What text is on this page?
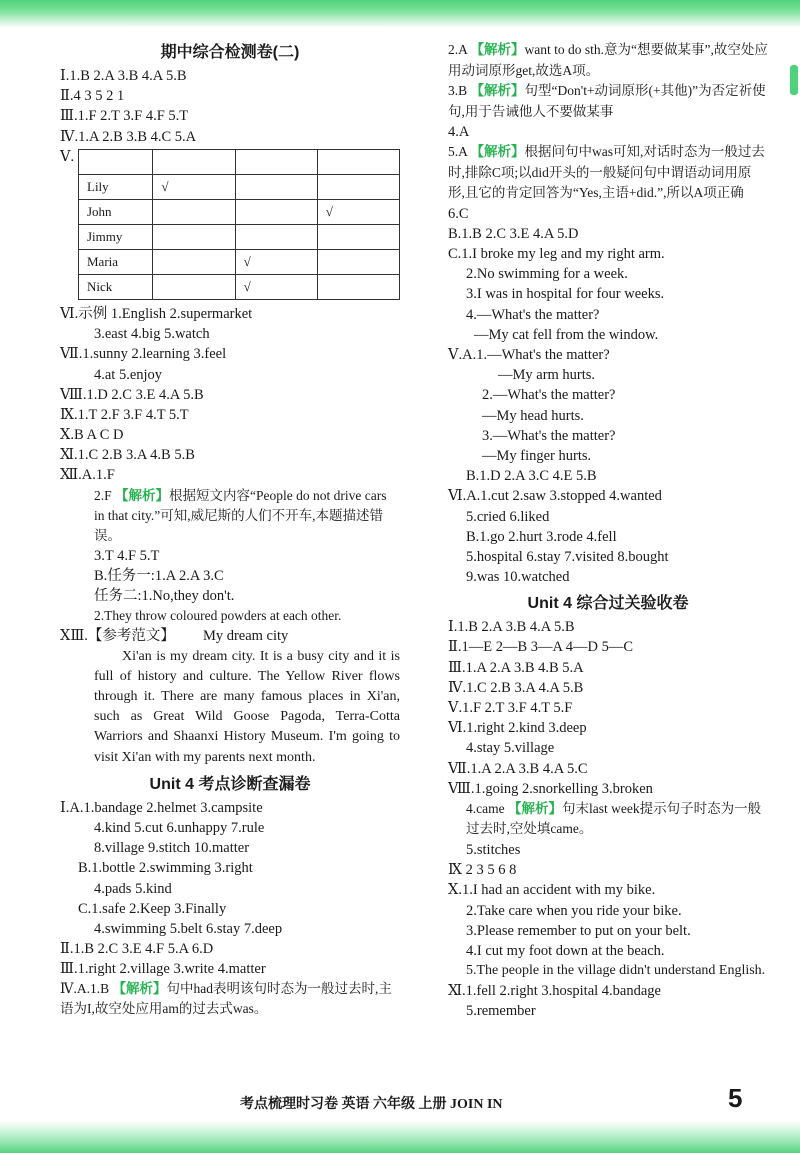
期中综合检测卷(二)
Ⅰ.1.B 2.A 3.B 4.A 5.B
Ⅱ.4 3 5 2 1
Ⅲ.1.F 2.T 3.F 4.F 5.T
Ⅳ.1.A 2.B 3.B 4.C 5.A
Ⅴ.

Lily	√		
John			√
Jimmy			
Maria		√	
Nick		√	
Ⅵ.示例 1.English 2.supermarket
3.east 4.big 5.watch
Ⅶ.1.sunny 2.learning 3.feel
4.at 5.enjoy
Ⅷ.1.D 2.C 3.E 4.A 5.B
Ⅸ.1.T 2.F 3.F 4.T 5.T
Ⅹ.B A C D
Ⅺ.1.C 2.B 3.A 4.B 5.B
Ⅻ.A.1.F
2.F 【解析】根据短文内容“People do not drive cars in that city.”可知,威尼斯的人们不开车,本题描述错误。
3.T 4.F 5.T
B.任务一:1.A 2.A 3.C
任务二:1.No,they don't.
2.They throw coloured powders at each other.
ⅩⅢ.【参考范文】 My dream city
Xi'an is my dream city. It is a busy city and it is full of history and culture. The Yellow River flows through it. There are many famous places in Xi'an, such as Great Wild Goose Pagoda, Terra-Cotta Warriors and Shaanxi History Museum. I'm going to visit Xi'an with my parents next month.
Unit 4 考点诊断查漏卷
Ⅰ.A.1.bandage 2.helmet 3.campsite
4.kind 5.cut 6.unhappy 7.rule
8.village 9.stitch 10.matter
B.1.bottle 2.swimming 3.right
4.pads 5.kind
C.1.safe 2.Keep 3.Finally
4.swimming 5.belt 6.stay 7.deep
Ⅱ.1.B 2.C 3.E 4.F 5.A 6.D
Ⅲ.1.right 2.village 3.write 4.matter
Ⅳ.A.1.B 【解析】句中had表明该句时态为一般过去时,主语为I,故空处应用am的过去式was。
2.A 【解析】want to do sth.意为“想要做某事”,故空处应用动词原形get,故选A项。
3.B 【解析】句型“Don't+动词原形(+其他)”为否定祈使句,用于告诫他人不要做某事
4.A
5.A 【解析】根据问句中was可知,对话时态为一般过去时,排除C项;以did开头的一般疑问句中谓语动词用原形,且它的肯定回答为“Yes,主语+did.”,所以A项正确
6.C
B.1.B 2.C 3.E 4.A 5.D
C.1.I broke my leg and my right arm.
2.No swimming for a week.
3.I was in hospital for four weeks.
4.—What's the matter?
—My cat fell from the window.
Ⅴ.A.1.—What's the matter?
—My arm hurts.
2.—What's the matter?
—My head hurts.
3.—What's the matter?
—My finger hurts.
B.1.D 2.A 3.C 4.E 5.B
Ⅵ.A.1.cut 2.saw 3.stopped 4.wanted
5.cried 6.liked
B.1.go 2.hurt 3.rode 4.fell
5.hospital 6.stay 7.visited 8.bought
9.was 10.watched
Unit 4 综合过关验收卷
Ⅰ.1.B 2.A 3.B 4.A 5.B
Ⅱ.1—E 2—B 3—A 4—D 5—C
Ⅲ.1.A 2.A 3.B 4.B 5.A
Ⅳ.1.C 2.B 3.A 4.A 5.B
Ⅴ.1.F 2.T 3.F 4.T 5.F
Ⅵ.1.right 2.kind 3.deep
4.stay 5.village
Ⅶ.1.A 2.A 3.B 4.A 5.C
Ⅷ.1.going 2.snorkelling 3.broken
4.came 【解析】句末last week提示句子时态为一般过去时,空处填came。
5.stitches
Ⅸ 2 3 5 6 8
Ⅹ.1.I had an accident with my bike.
2.Take care when you ride your bike.
3.Please remember to put on your belt.
4.I cut my foot down at the beach.
5.The people in the village didn't understand English.
Ⅺ.1.fell 2.right 3.hospital 4.bandage
5.remember
考点梳理时习卷 英语 六年级 上册 JOIN IN	5
